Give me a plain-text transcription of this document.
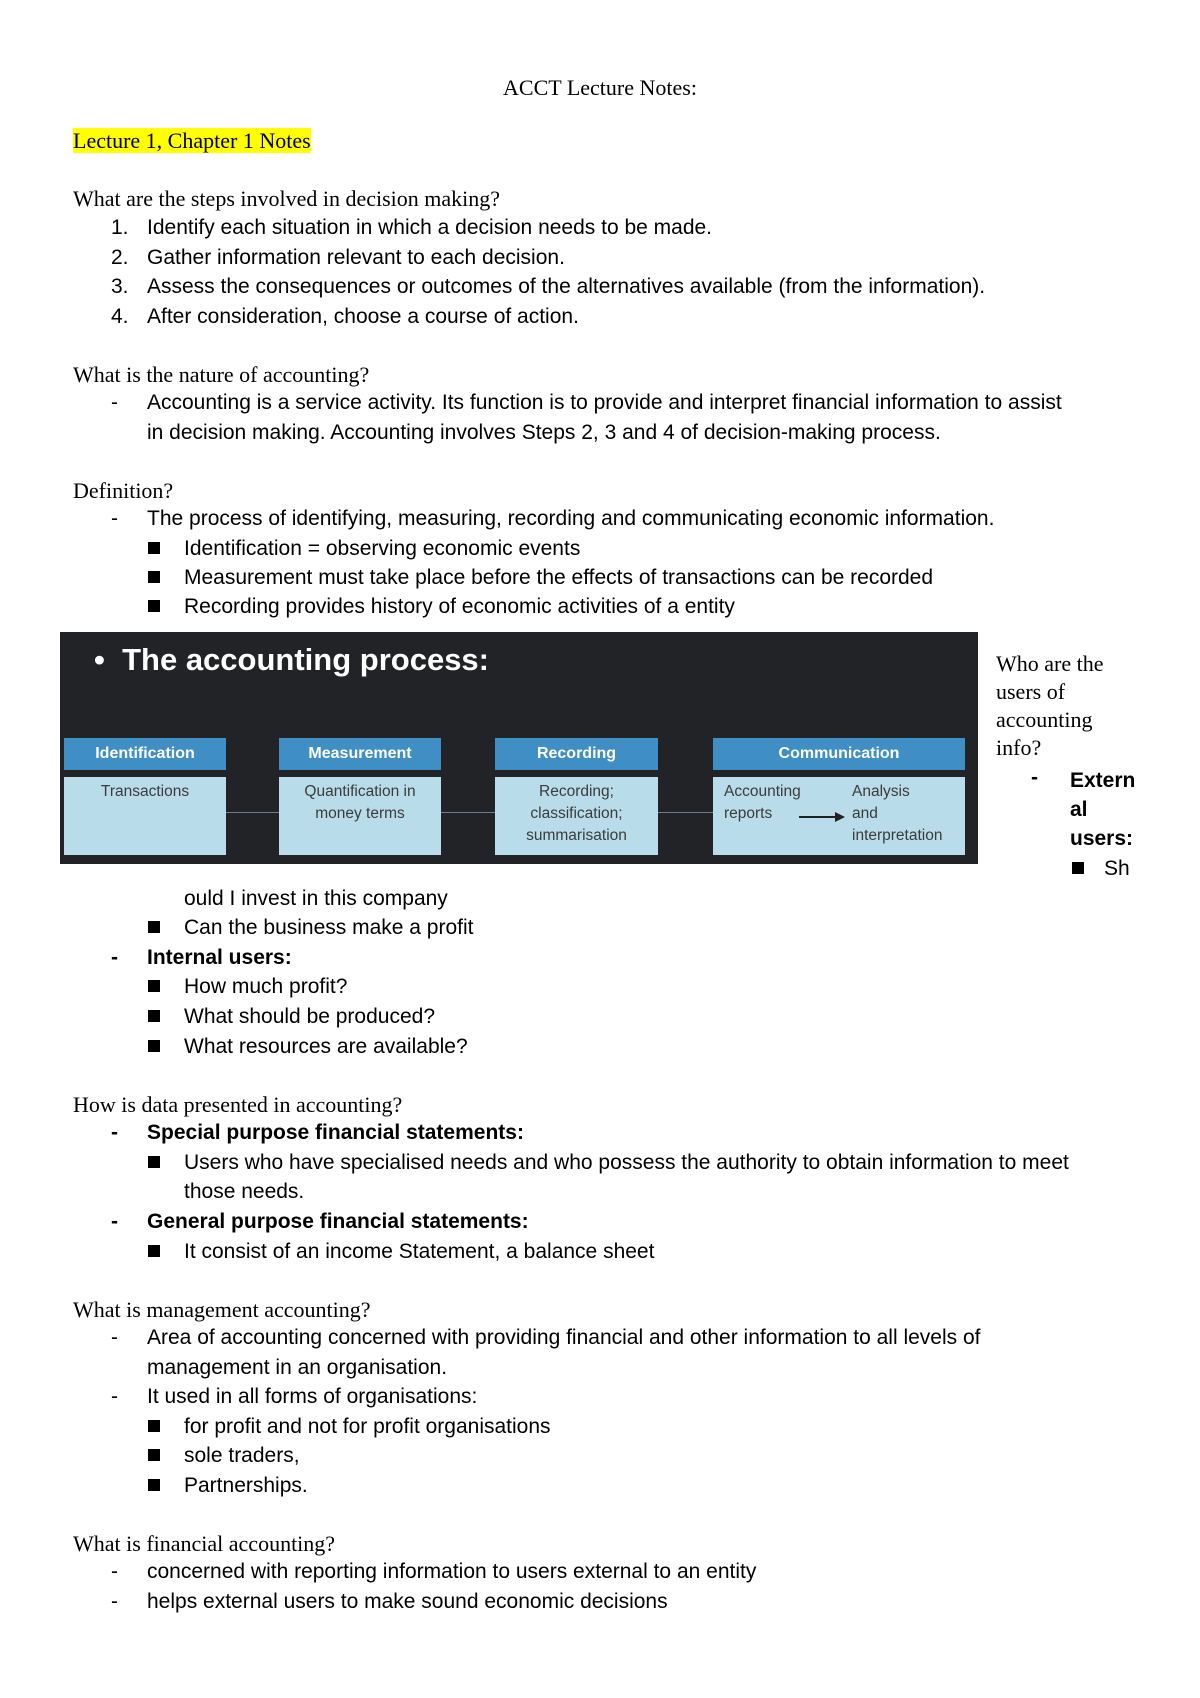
ACCT Lecture Notes:
Lecture 1, Chapter 1 Notes
What are the steps involved in decision making?
1. Identify each situation in which a decision needs to be made.
2. Gather information relevant to each decision.
3. Assess the consequences or outcomes of the alternatives available (from the information).
4. After consideration, choose a course of action.
What is the nature of accounting?
- Accounting is a service activity. Its function is to provide and interpret financial information to assist
in decision making. Accounting involves Steps 2, 3 and 4 of decision-making process.
Definition?
- The process of identifying, measuring, recording and communicating economic information.
Identification = observing economic events
Measurement must take place before the effects of transactions can be recorded
Recording provides history of economic activities of a entity
• The accounting process:
Identification
Transactions
Measurement
Quantification in
money terms
Recording
Recording;
classification;
summarisation
Communication
Accounting
reports
Analysis
and
interpretation
Who are the
users of
accounting
info?
- Extern
al
users:
Sh
ould I invest in this company
Can the business make a profit
- Internal users:
How much profit?
What should be produced?
What resources are available?
How is data presented in accounting?
- Special purpose financial statements:
Users who have specialised needs and who possess the authority to obtain information to meet
those needs.
- General purpose financial statements:
It consist of an income Statement, a balance sheet
What is management accounting?
- Area of accounting concerned with providing financial and other information to all levels of
management in an organisation.
- It used in all forms of organisations:
for profit and not for profit organisations
sole traders,
Partnerships.
What is financial accounting?
- concerned with reporting information to users external to an entity
- helps external users to make sound economic decisions
